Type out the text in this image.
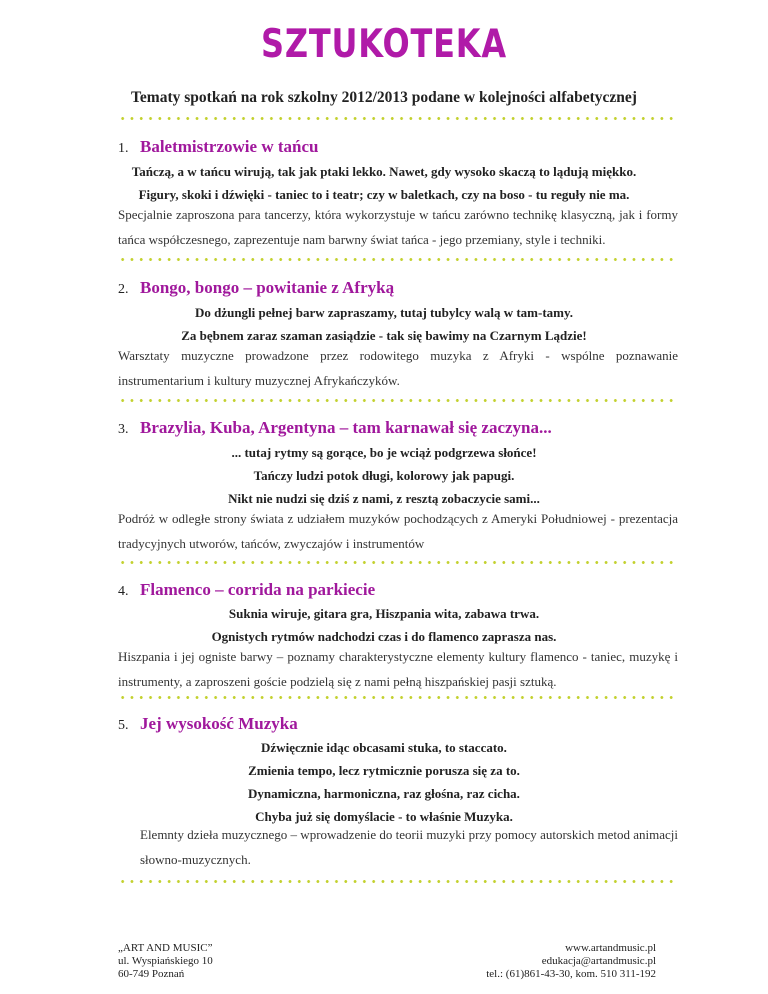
SZTUKOTEKA
Tematy spotkań na rok szkolny 2012/2013 podane w kolejności alfabetycznej
1. Baletmistrzowie w tańcu
Tańczą, a w tańcu wirują, tak jak ptaki lekko. Nawet, gdy wysoko skaczą to lądują miękko.
Figury, skoki i dźwięki - taniec to i teatr; czy w baletkach, czy na boso - tu reguły nie ma.
Specjalnie zaproszona para tancerzy, która wykorzystuje w tańcu zarówno technikę klasyczną, jak i formy tańca współczesnego, zaprezentuje nam barwny świat tańca - jego przemiany, style i techniki.
2. Bongo, bongo – powitanie z Afryką
Do dżungli pełnej barw zapraszamy, tutaj tubylcy walą w tam-tamy.
Za bębnem zaraz szaman zasiądzie - tak się bawimy na Czarnym Lądzie!
Warsztaty muzyczne prowadzone przez rodowitego muzyka z Afryki - wspólne poznawanie instrumentarium i kultury muzycznej Afrykańczyków.
3. Brazylia, Kuba, Argentyna – tam karnawał się zaczyna...
... tutaj rytmy są gorące, bo je wciąż podgrzewa słońce!
Tańczy ludzi potok długi, kolorowy jak papugi.
Nikt nie nudzi się dziś z nami, z resztą zobaczycie sami...
Podróż w odległe strony świata z udziałem muzyków pochodzących z Ameryki Południowej - prezentacja tradycyjnych utworów, tańców, zwyczajów i instrumentów
4. Flamenco – corrida na parkiecie
Suknia wiruje, gitara gra, Hiszpania wita, zabawa trwa.
Ognistych rytmów nadchodzi czas i do flamenco zaprasza nas.
Hiszpania i jej ogniste barwy – poznamy charakterystyczne elementy kultury flamenco - taniec, muzykę i instrumenty, a zaproszeni goście podzielą się z nami pełną hiszpańskiej pasji sztuką.
5. Jej wysokość Muzyka
Dźwięcznie idąc obcasami stuka, to staccato.
Zmienia tempo, lecz rytmicznie porusza się za to.
Dynamiczna, harmoniczna, raz głośna, raz cicha.
Chyba już się domyślacie - to właśnie Muzyka.
Elemnty dzieła muzycznego – wprowadzenie do teorii muzyki przy pomocy autorskich metod animacji słowno-muzycznych.
„ART AND MUSIC”
ul. Wyspiańskiego 10
60-749 Poznań
www.artandmusic.pl
edukacja@artandmusic.pl
tel.: (61)861-43-30, kom. 510 311-192
